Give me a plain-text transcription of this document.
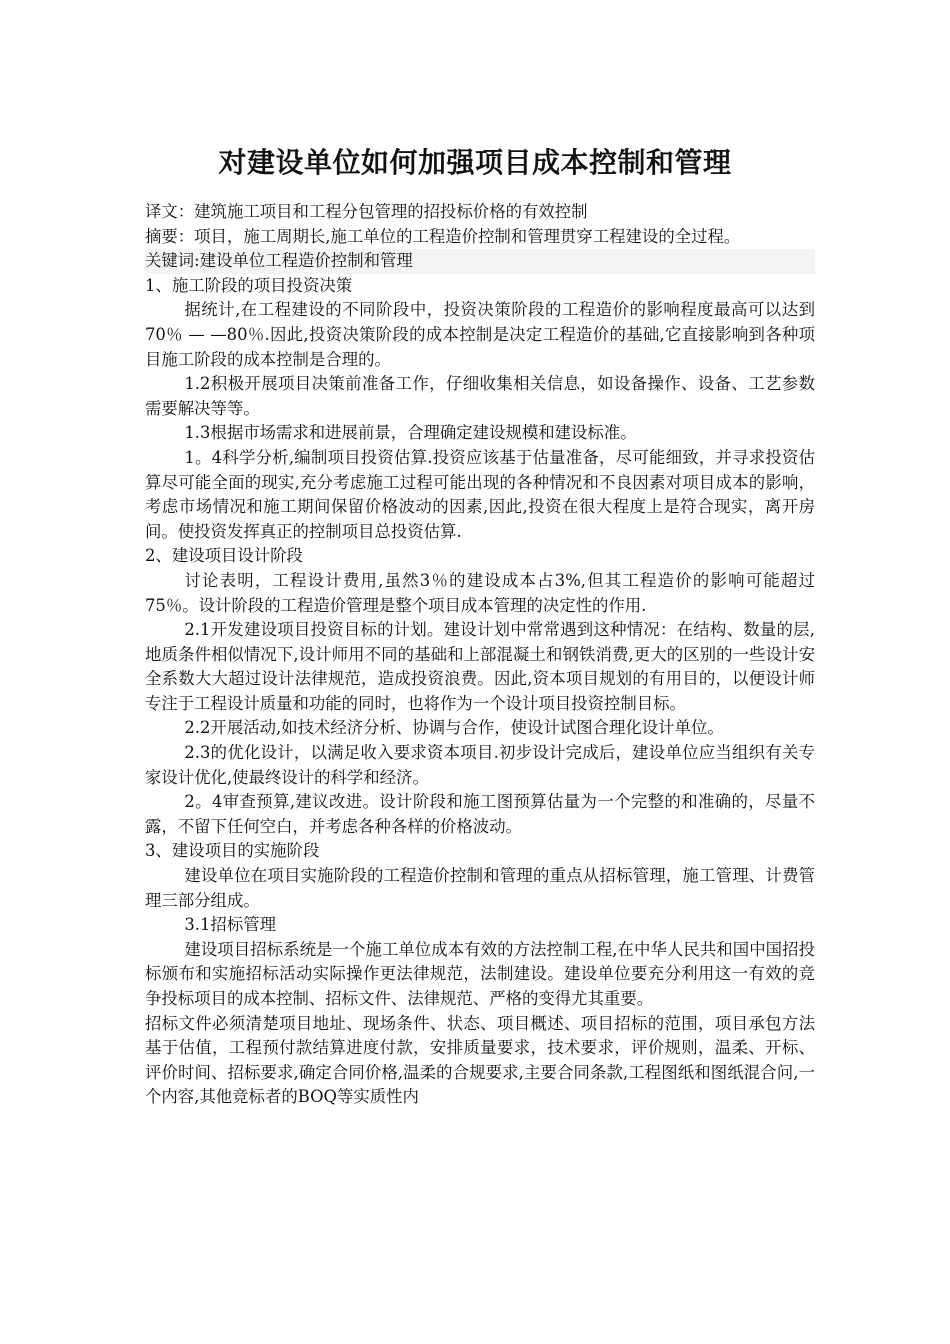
对建设单位如何加强项目成本控制和管理

译文：建筑施工项目和工程分包管理的招投标价格的有效控制

摘要：项目，施工周期长,施工单位的工程造价控制和管理贯穿工程建设的全过程。

关键词:建设单位工程造价控制和管理

1、施工阶段的项目投资决策

据统计,在工程建设的不同阶段中，投资决策阶段的工程造价的影响程度最高可以达到70％ — —80％.因此,投资决策阶段的成本控制是决定工程造价的基础,它直接影响到各种项目施工阶段的成本控制是合理的。

1.2积极开展项目决策前准备工作，仔细收集相关信息，如设备操作、设备、工艺参数需要解决等等。

1.3根据市场需求和进展前景，合理确定建设规模和建设标准。

1。4科学分析,编制项目投资估算.投资应该基于估量准备，尽可能细致，并寻求投资估算尽可能全面的现实,充分考虑施工过程可能出现的各种情况和不良因素对项目成本的影响，考虑市场情况和施工期间保留价格波动的因素,因此,投资在很大程度上是符合现实，离开房间。使投资发挥真正的控制项目总投资估算.

2、建设项目设计阶段

讨论表明，工程设计费用,虽然3％的建设成本占3%,但其工程造价的影响可能超过75％。设计阶段的工程造价管理是整个项目成本管理的决定性的作用.

2.1开发建设项目投资目标的计划。建设计划中常常遇到这种情况：在结构、数量的层,地质条件相似情况下,设计师用不同的基础和上部混凝土和钢铁消费,更大的区别的一些设计安全系数大大超过设计法律规范，造成投资浪费。因此,资本项目规划的有用目的，以便设计师专注于工程设计质量和功能的同时，也将作为一个设计项目投资控制目标。

2.2开展活动,如技术经济分析、协调与合作，使设计试图合理化设计单位。

2.3的优化设计，以满足收入要求资本项目.初步设计完成后，建设单位应当组织有关专家设计优化,使最终设计的科学和经济。

2。4审查预算,建议改进。设计阶段和施工图预算估量为一个完整的和准确的，尽量不露，不留下任何空白，并考虑各种各样的价格波动。

3、建设项目的实施阶段

建设单位在项目实施阶段的工程造价控制和管理的重点从招标管理，施工管理、计费管理三部分组成。

3.1招标管理

建设项目招标系统是一个施工单位成本有效的方法控制工程,在中华人民共和国中国招投标颁布和实施招标活动实际操作更法律规范，法制建设。建设单位要充分利用这一有效的竞争投标项目的成本控制、招标文件、法律规范、严格的变得尤其重要。

招标文件必须清楚项目地址、现场条件、状态、项目概述、项目招标的范围，项目承包方法基于估值，工程预付款结算进度付款，安排质量要求，技术要求，评价规则，温柔、开标、评价时间、招标要求,确定合同价格,温柔的合规要求,主要合同条款,工程图纸和图纸混合问,一个内容,其他竞标者的BOQ等实质性内
